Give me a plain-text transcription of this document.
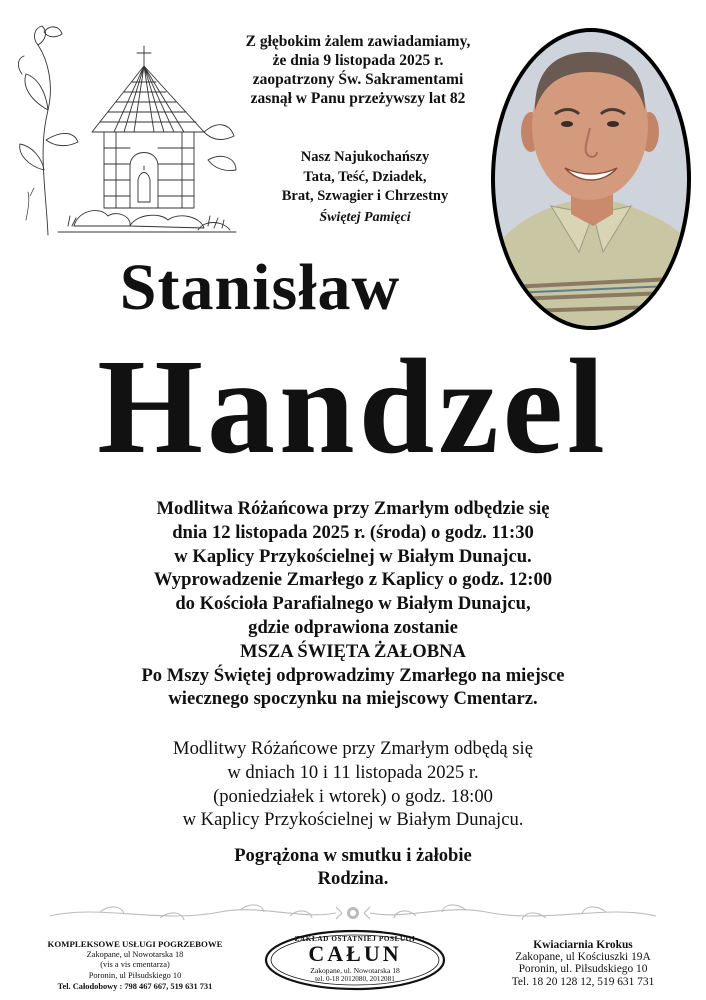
Z głębokim żalem zawiadamiamy,
że dnia 9 listopada 2025 r.
zaopatrzony Św. Sakramentami
zasnął w Panu przeżywszy lat 82
Nasz Najukochańszy
Tata, Teść, Dziadek,
Brat, Szwagier i Chrzestny
Świętej Pamięci
Stanisław
Handzel
Modlitwa Różańcowa przy Zmarłym odbędzie się
dnia 12 listopada 2025 r. (środa) o godz. 11:30
w Kaplicy Przykościelnej w Białym Dunajcu.
Wyprowadzenie Zmarłego z Kaplicy o godz. 12:00
do Kościoła Parafialnego w Białym Dunajcu,
gdzie odprawiona zostanie
MSZA ŚWIĘTA ŻAŁOBNA
Po Mszy Świętej odprowadzimy Zmarłego na miejsce
wiecznego spoczynku na miejscowy Cmentarz.
Modlitwy Różańcowe przy Zmarłym odbędą się
w dniach 10 i 11 listopada 2025 r.
(poniedziałek i wtorek) o godz. 18:00
w Kaplicy Przykościelnej w Białym Dunajcu.
Pogrążona w smutku i żałobie
Rodzina.
KOMPLEKSOWE USŁUGI POGRZEBOWE
Zakopane, ul Nowotarska 18
(vis a vis cmentarza)
Poronin, ul Piłsudskiego 10
Tel. Całodobowy : 798 467 667, 519 631 731
ZAKŁAD OSTATNIEJ POSŁUGI
CAŁUN
Zakopane, ul. Nowotarska 18
tel. 0-18 2012080, 2012081
Kwiaciarnia Krokus
Zakopane, ul Kościuszki 19A
Poronin, ul. Piłsudskiego 10
Tel. 18 20 128 12, 519 631 731
